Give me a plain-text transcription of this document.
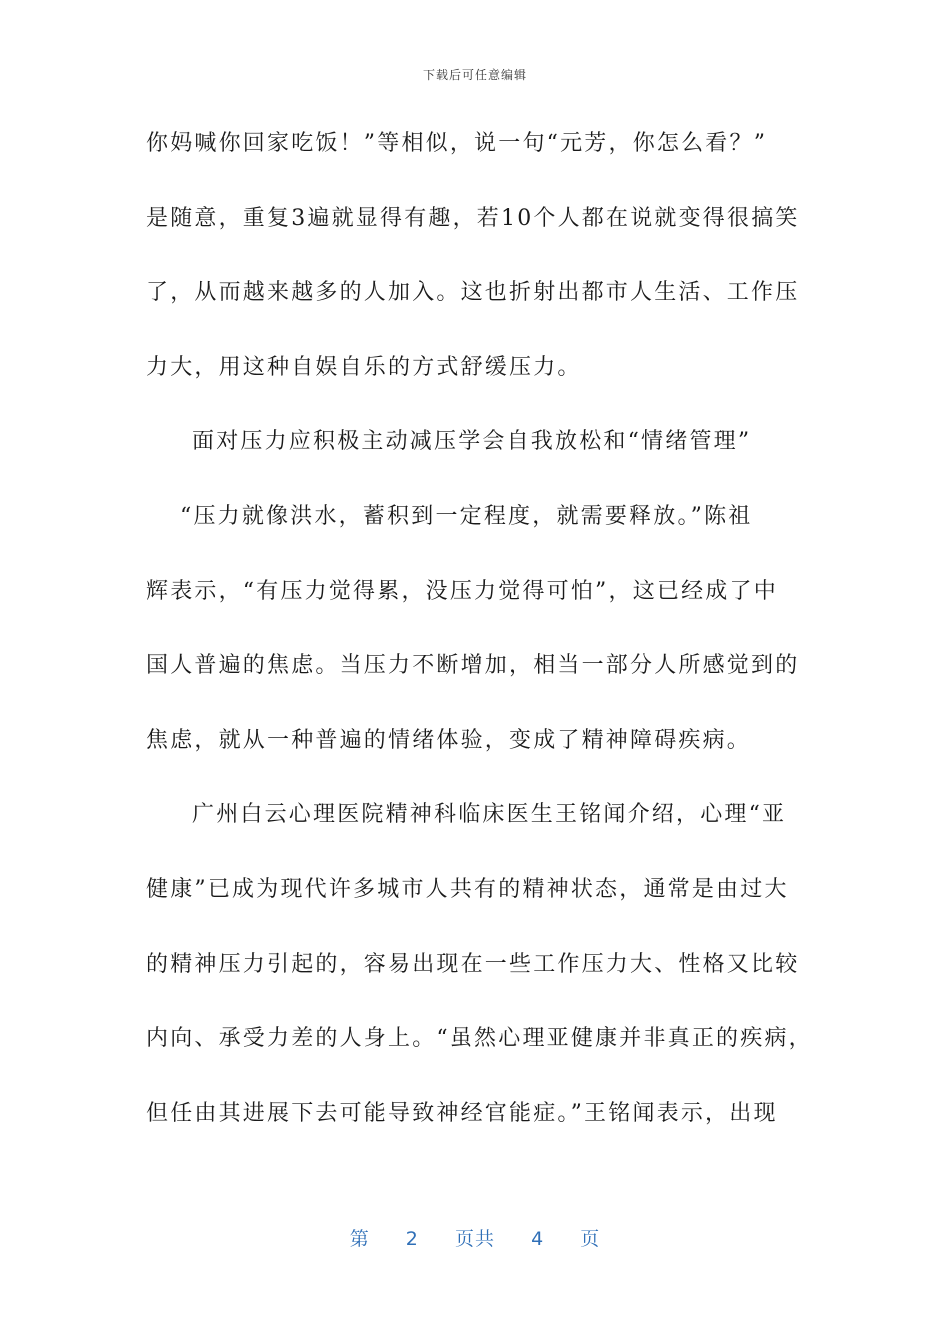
下载后可任意编辑
你妈喊你回家吃饭！”等相似，说一句“元芳，你怎么看？”
是随意，重复3遍就显得有趣，若10个人都在说就变得很搞笑
了，从而越来越多的人加入。这也折射出都市人生活、工作压
力大，用这种自娱自乐的方式舒缓压力。
面对压力应积极主动减压学会自我放松和“情绪管理”
“压力就像洪水，蓄积到一定程度，就需要释放。”陈祖
辉表示，“有压力觉得累，没压力觉得可怕”，这已经成了中
国人普遍的焦虑。当压力不断增加，相当一部分人所感觉到的
焦虑，就从一种普遍的情绪体验，变成了精神障碍疾病。
广州白云心理医院精神科临床医生王铭闻介绍，心理“亚
健康”已成为现代许多城市人共有的精神状态，通常是由过大
的精神压力引起的，容易出现在一些工作压力大、性格又比较
内向、承受力差的人身上。“虽然心理亚健康并非真正的疾病，
但任由其进展下去可能导致神经官能症。”王铭闻表示，出现
第 2 页共 4 页
